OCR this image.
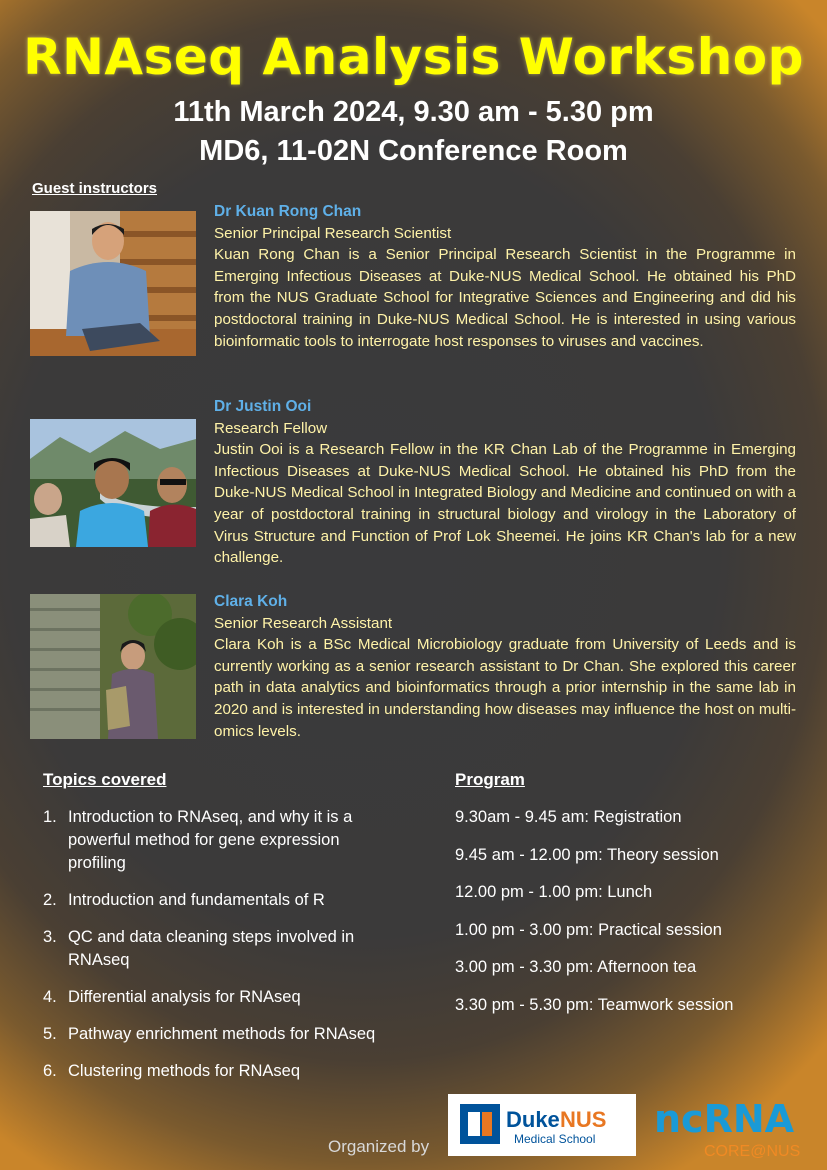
RNAseq Analysis Workshop
11th March 2024, 9.30 am - 5.30 pm
MD6, 11-02N Conference Room
Guest instructors
Dr Kuan Rong Chan
Senior Principal Research Scientist
Kuan Rong Chan is a Senior Principal Research Scientist in the Programme in Emerging Infectious Diseases at Duke-NUS Medical School. He obtained his PhD from the NUS Graduate School for Integrative Sciences and Engineering and did his postdoctoral training in Duke-NUS Medical School. He is interested in using various bioinformatic tools to interrogate host responses to viruses and vaccines.
Dr Justin Ooi
Research Fellow
Justin Ooi is a Research Fellow in the KR Chan Lab of the Programme in Emerging Infectious Diseases at Duke-NUS Medical School. He obtained his PhD from the Duke-NUS Medical School in Integrated Biology and Medicine and continued on with a year of postdoctoral training in structural biology and virology in the Laboratory of Virus Structure and Function of Prof Lok Sheemei. He joins KR Chan's lab for a new challenge.
Clara Koh
Senior Research Assistant
Clara Koh is a BSc Medical Microbiology graduate from University of Leeds and is currently working as a senior research assistant to Dr Chan. She explored this career path in data analytics and bioinformatics through a prior internship in the same lab in 2020 and is interested in understanding how diseases may influence the host on multi-omics levels.
Topics covered
1. Introduction to RNAseq, and why it is a powerful method for gene expression profiling
2. Introduction and fundamentals of R
3. QC and data cleaning steps involved in RNAseq
4. Differential analysis for RNAseq
5. Pathway enrichment methods for RNAseq
6. Clustering methods for RNAseq
Program
9.30am - 9.45 am: Registration
9.45 am - 12.00 pm: Theory session
12.00 pm - 1.00 pm: Lunch
1.00 pm - 3.00 pm: Practical session
3.00 pm - 3.30 pm: Afternoon tea
3.30 pm - 5.30 pm: Teamwork session
Organized by
Duke NUS
Medical School ncRNA
CORE@NUS
